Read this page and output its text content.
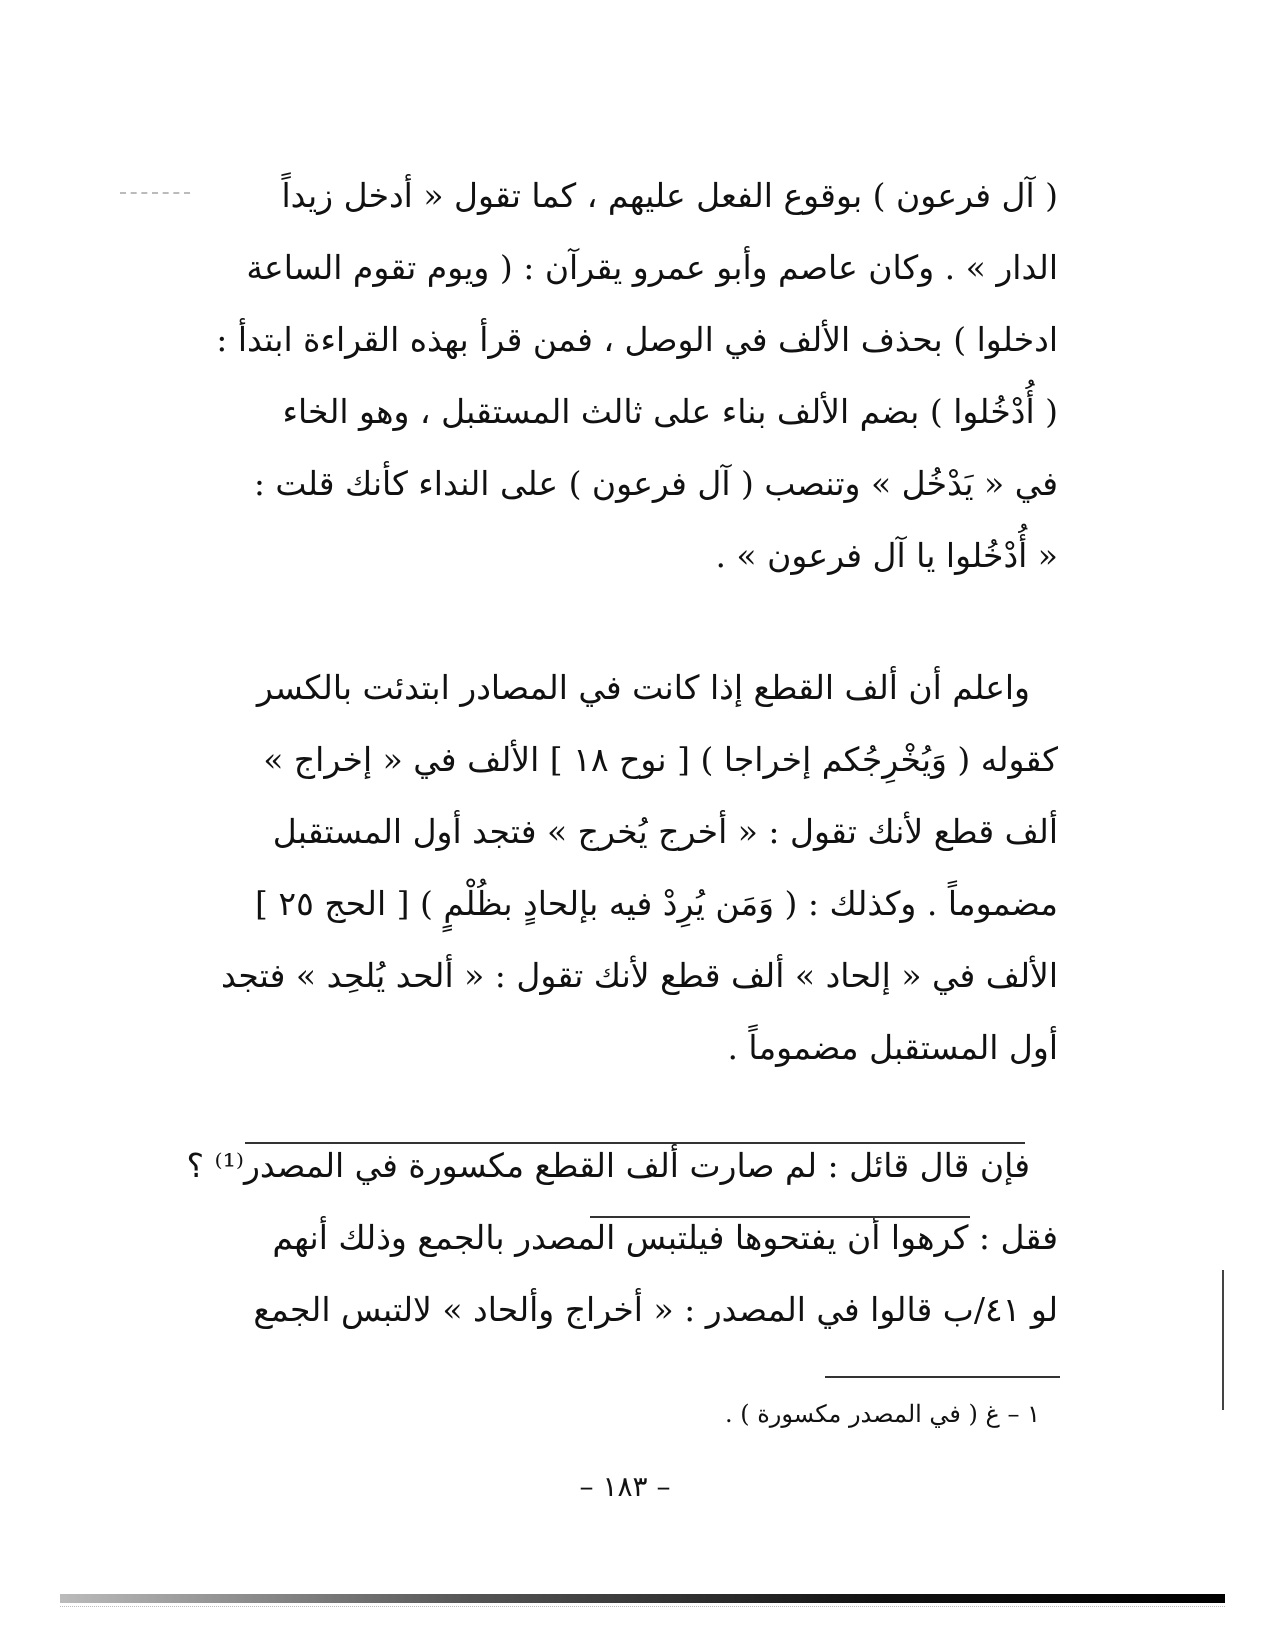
( آل فرعون ) بوقوع الفعل عليهم ، كما تقول « أدخل زيداً
الدار » . وكان عاصم وأبو عمرو يقرآن : ( ويوم تقوم الساعة
ادخلوا ) بحذف الألف في الوصل ، فمن قرأ بهذه القراءة ابتدأ :
( أُدْخُلوا ) بضم الألف بناء على ثالث المستقبل ، وهو الخاء
في « يَدْخُل » وتنصب ( آل فرعون ) على النداء كأنك قلت :
« أُدْخُلوا يا آل فرعون » .
واعلم أن ألف القطع إذا كانت في المصادر ابتدئت بالكسر
كقوله ( وَيُخْرِجُكم إخراجا ) [ نوح ١٨ ] الألف في « إخراج »
ألف قطع لأنك تقول : « أخرج يُخرج » فتجد أول المستقبل
مضموماً . وكذلك : ( وَمَن يُرِدْ فيه بإلحادٍ بظُلْمٍ ) [ الحج ٢٥ ]
الألف في « إلحاد » ألف قطع لأنك تقول : « ألحد يُلحِد » فتجد
أول المستقبل مضموماً .
فإن قال قائل : لم صارت ألف القطع مكسورة في المصدر⁽¹⁾ ؟
فقل : كرهوا أن يفتحوها فيلتبس المصدر بالجمع وذلك أنهم
لو ٤١/ب قالوا في المصدر : « أخراج وألحاد » لالتبس الجمع
١ – غ ( في المصدر مكسورة ) .
– ١٨٣ –
